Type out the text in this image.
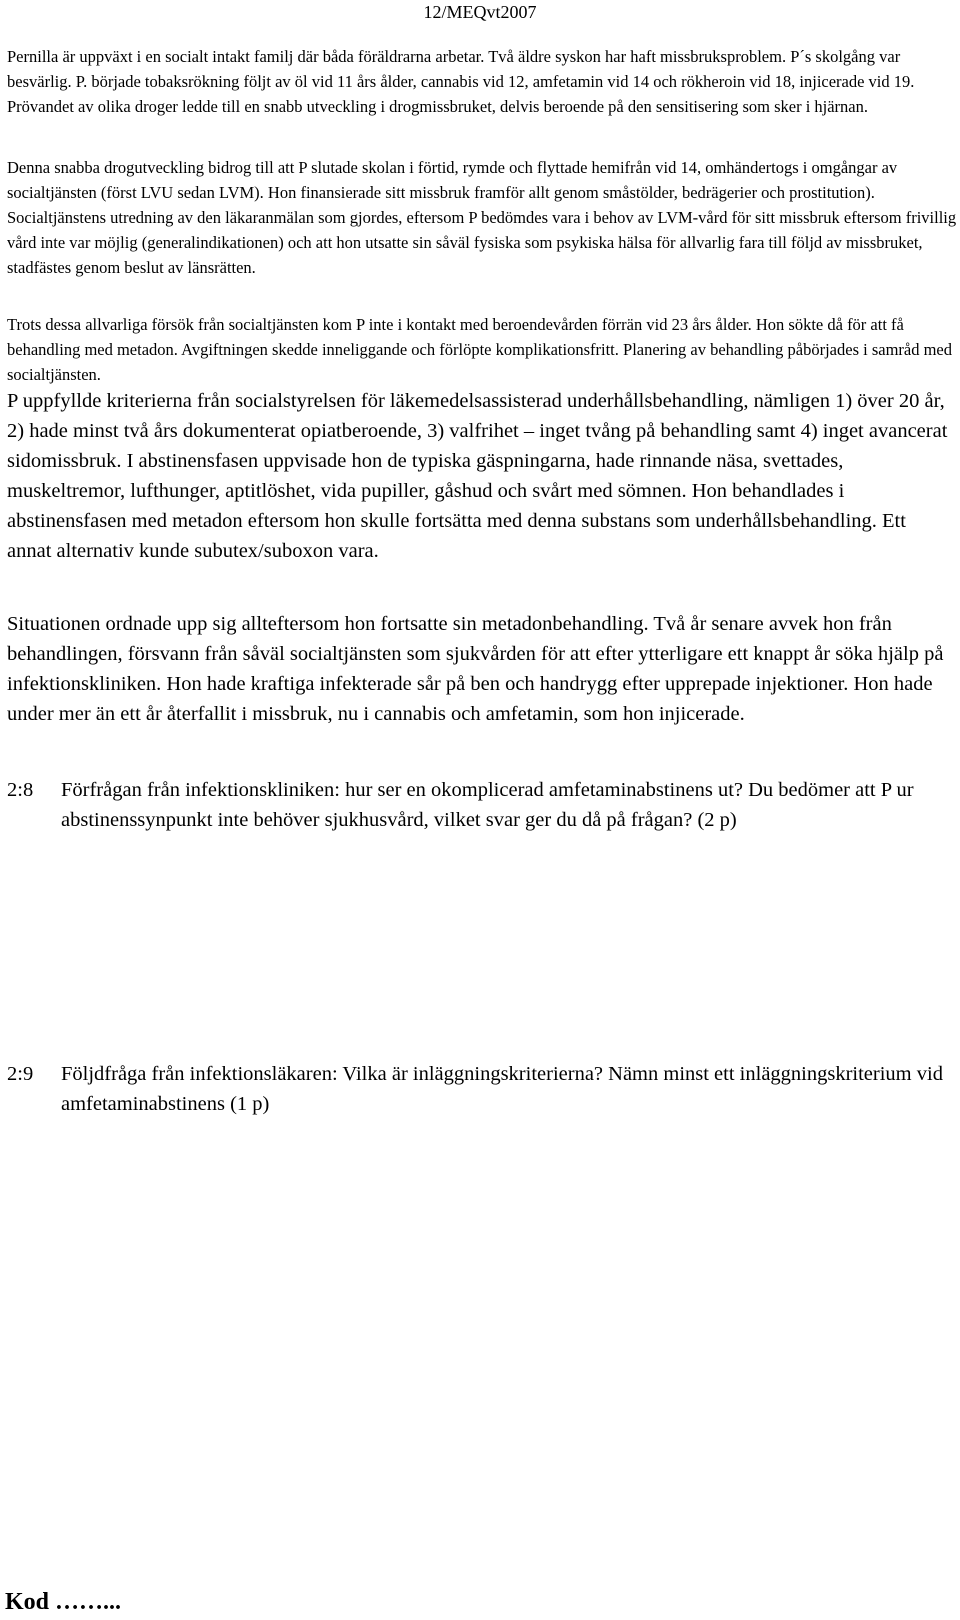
12/MEQvt2007

Pernilla är uppväxt i en socialt intakt familj där båda föräldrarna arbetar. Två äldre syskon har haft missbruksproblem. P´s skolgång var besvärlig. P. började tobaksrökning följt av öl vid 11 års ålder, cannabis vid 12, amfetamin vid 14 och rökheroin vid 18, injicerade vid 19. Prövandet av olika droger ledde till en snabb utveckling i drogmissbruket, delvis beroende på den sensitisering som sker i hjärnan.

Denna snabba drogutveckling bidrog till att P slutade skolan i förtid, rymde och flyttade hemifrån vid 14, omhändertogs i omgångar av socialtjänsten (först LVU sedan LVM). Hon finansierade sitt missbruk framför allt genom småstölder, bedrägerier och prostitution). Socialtjänstens utredning av den läkaranmälan som gjordes, eftersom P bedömdes vara i behov av LVM-vård för sitt missbruk eftersom frivillig vård inte var möjlig (generalindikationen) och att hon utsatte sin såväl fysiska som psykiska hälsa för allvarlig fara till följd av missbruket, stadfästes genom beslut av länsrätten.

Trots dessa allvarliga försök från socialtjänsten kom P inte i kontakt med beroendevården förrän vid 23 års ålder. Hon sökte då för att få behandling med metadon. Avgiftningen skedde inneliggande och förlöpte komplikationsfritt. Planering av behandling påbörjades i samråd med socialtjänsten.

P uppfyllde kriterierna från socialstyrelsen för läkemedelsassisterad underhållsbehandling, nämligen 1) över 20 år, 2) hade minst två års dokumenterat opiatberoende, 3) valfrihet – inget tvång på behandling samt 4) inget avancerat sidomissbruk. I abstinensfasen uppvisade hon de typiska gäspningarna, hade rinnande näsa, svettades, muskeltremor, lufthunger, aptitlöshet, vida pupiller, gåshud och svårt med sömnen. Hon behandlades i abstinensfasen med metadon eftersom hon skulle fortsätta med denna substans som underhållsbehandling. Ett annat alternativ kunde subutex/suboxon vara.

Situationen ordnade upp sig allteftersom hon fortsatte sin metadonbehandling. Två år senare avvek hon från behandlingen, försvann från såväl socialtjänsten som sjukvården för att efter ytterligare ett knappt år söka hjälp på infektionskliniken. Hon hade kraftiga infekterade sår på ben och handrygg efter upprepade injektioner. Hon hade under mer än ett år återfallit i missbruk, nu i cannabis och amfetamin, som hon injicerade.

2:8	Förfrågan från infektionskliniken: hur ser en okomplicerad amfetaminabstinens ut? Du bedömer att P ur abstinenssynpunkt inte behöver sjukhusvård, vilket svar ger du då på frågan? (2 p)
2:9	Följdfråga från infektionsläkaren: Vilka är inläggningskriterierna? Nämn minst ett inläggningskriterium vid amfetaminabstinens (1 p)
Kod ……...
